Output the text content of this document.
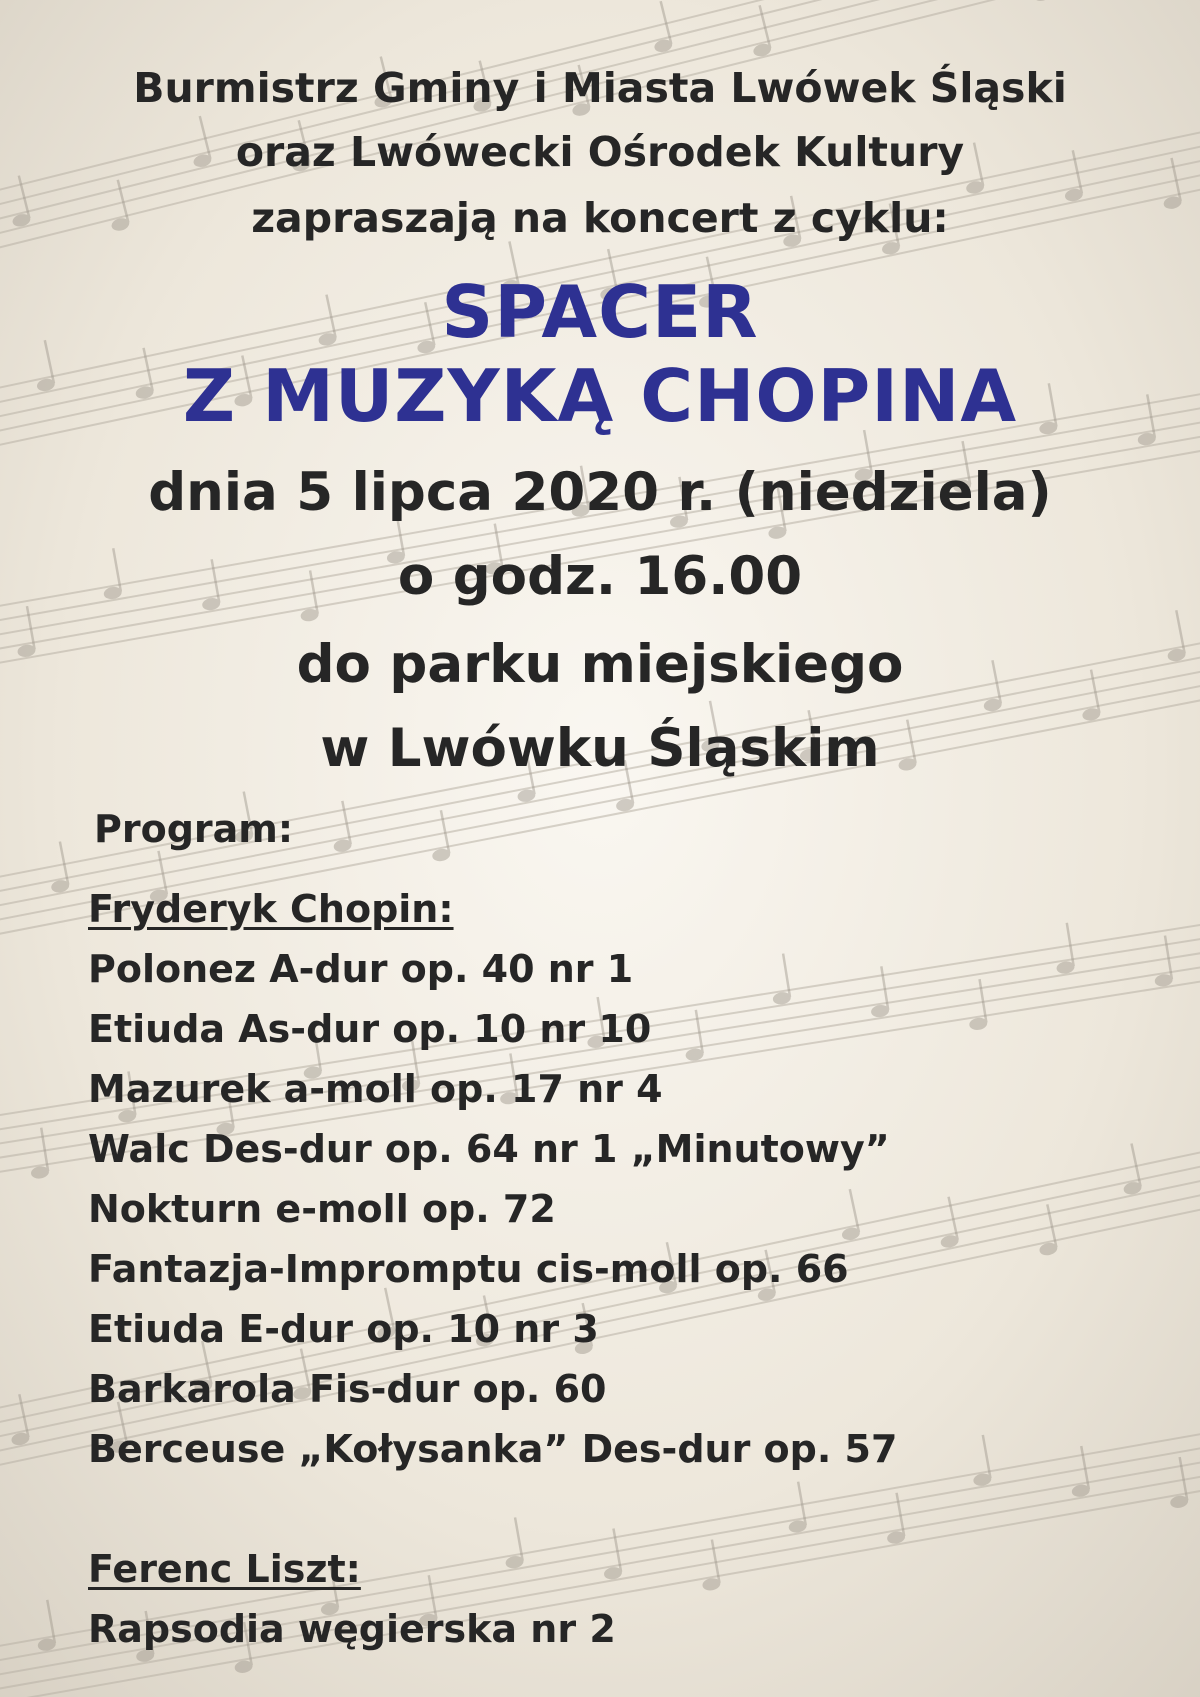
Burmistrz Gminy i Miasta Lwówek Śląski
oraz Lwówecki Ośrodek Kultury
zapraszają na koncert z cyklu:
SPACER
Z MUZYKĄ CHOPINA
dnia 5 lipca 2020 r. (niedziela)
o godz. 16.00
do parku miejskiego
w Lwówku Śląskim
Program:
Fryderyk Chopin:
Polonez A-dur op. 40 nr 1
Etiuda As-dur op. 10 nr 10
Mazurek a-moll op. 17 nr 4
Walc Des-dur op. 64 nr 1 „Minutowy”
Nokturn e-moll op. 72
Fantazja-Impromptu cis-moll op. 66
Etiuda E-dur op. 10 nr 3
Barkarola Fis-dur op. 60
Berceuse „Kołysanka” Des-dur op. 57
Ferenc Liszt:
Rapsodia węgierska nr 2
